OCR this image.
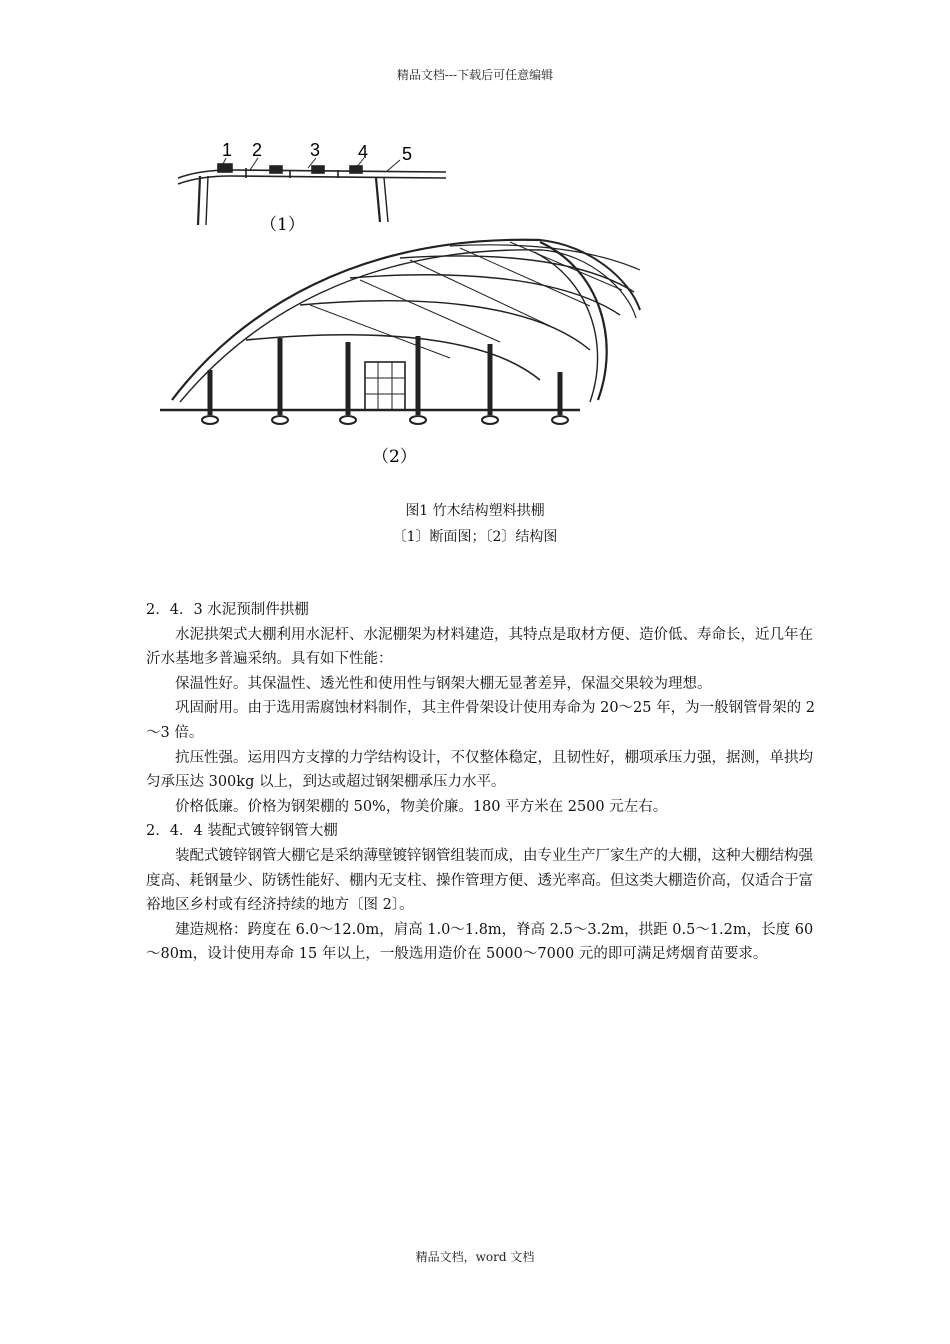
精品文档---下载后可任意编辑
1 2	3 4 5
（1）
（2）
图1 竹木结构塑料拱棚
〔1〕断面图；〔2〕结构图

2．4．3 水泥预制件拱棚

水泥拱架式大棚利用水泥杆、水泥棚架为材料建造，其特点是取材方便、造价低、寿命长，近几年在沂水基地多普遍采纳。具有如下性能：

保温性好。其保温性、透光性和使用性与钢架大棚无显著差异，保温交果较为理想。

巩固耐用。由于选用需腐蚀材料制作，其主件骨架设计使用寿命为 20～25 年，为一般钢管骨架的 2～3 倍。

抗压性强。运用四方支撑的力学结构设计，不仅整体稳定，且韧性好，棚项承压力强，据测，单拱均匀承压达 300kg 以上，到达或超过钢架棚承压力水平。

价格低廉。价格为钢架棚的 50%，物美价廉。180 平方米在 2500 元左右。

2．4．4 装配式镀锌钢管大棚

装配式镀锌钢管大棚它是采纳薄壁镀锌钢管组装而成，由专业生产厂家生产的大棚，这种大棚结构强度高、耗钢量少、防锈性能好、棚内无支柱、操作管理方便、透光率高。但这类大棚造价高，仅适合于富裕地区乡村或有经济持续的地方〔图 2〕。

建造规格：跨度在 6.0～12.0m，肩高 1.0～1.8m，脊高 2.5～3.2m，拱距 0.5～1.2m，长度 60～80m，设计使用寿命 15 年以上，一般选用造价在 5000～7000 元的即可满足烤烟育苗要求。

精品文档，word 文档
